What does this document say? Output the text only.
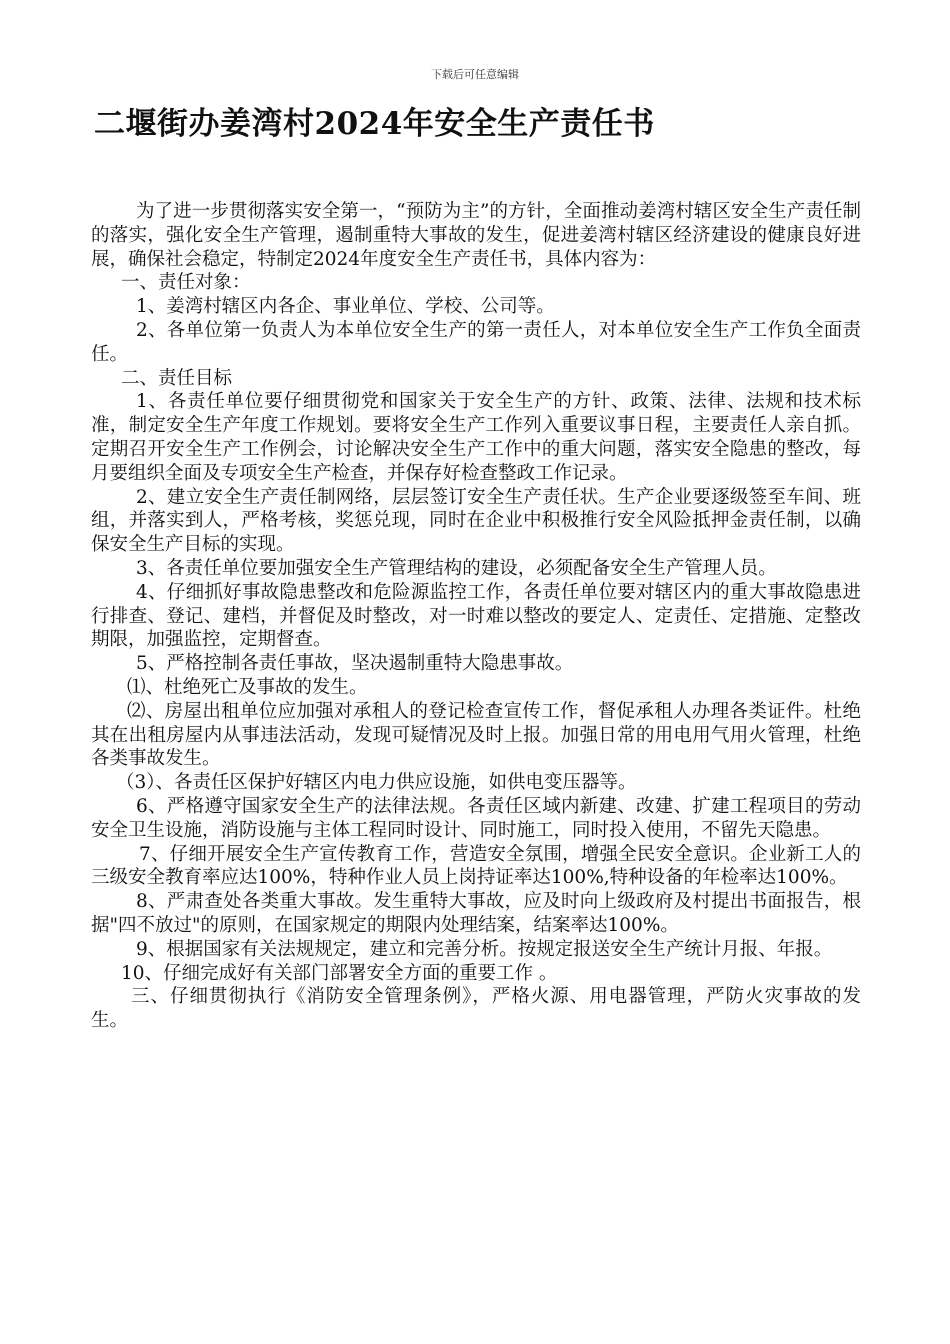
下载后可任意编辑
二堰街办姜湾村2024年安全生产责任书

为了进一步贯彻落实安全第一，“预防为主”的方针，全面推动姜湾村辖区安全生产责任制的落实，强化安全生产管理，遏制重特大事故的发生，促进姜湾村辖区经济建设的健康良好进展，确保社会稳定，特制定2024年度安全生产责任书，具体内容为：

一、责任对象：

1、姜湾村辖区内各企、事业单位、学校、公司等。

2、各单位第一负责人为本单位安全生产的第一责任人，对本单位安全生产工作负全面责任。

二、责任目标

1、各责任单位要仔细贯彻党和国家关于安全生产的方针、政策、法律、法规和技术标准，制定安全生产年度工作规划。要将安全生产工作列入重要议事日程，主要责任人亲自抓。定期召开安全生产工作例会，讨论解决安全生产工作中的重大问题，落实安全隐患的整改，每月要组织全面及专项安全生产检查，并保存好检查整政工作记录。

2、建立安全生产责任制网络，层层签订安全生产责任状。生产企业要逐级签至车间、班组，并落实到人，严格考核，奖惩兑现，同时在企业中积极推行安全风险抵押金责任制，以确保安全生产目标的实现。

3、各责任单位要加强安全生产管理结构的建设，必须配备安全生产管理人员。

4、仔细抓好事故隐患整改和危险源监控工作，各责任单位要对辖区内的重大事故隐患进行排查、登记、建档，并督促及时整改，对一时难以整改的要定人、定责任、定措施、定整改期限，加强监控，定期督查。

5、严格控制各责任事故，坚决遏制重特大隐患事故。

⑴、杜绝死亡及事故的发生。

⑵、房屋出租单位应加强对承租人的登记检查宣传工作，督促承租人办理各类证件。杜绝其在出租房屋内从事违法活动，发现可疑情况及时上报。加强日常的用电用气用火管理，杜绝各类事故发生。

（3）、各责任区保护好辖区内电力供应设施，如供电变压器等。

6、严格遵守国家安全生产的法律法规。各责任区域内新建、改建、扩建工程项目的劳动安全卫生设施，消防设施与主体工程同时设计、同时施工，同时投入使用，不留先天隐患。

7、仔细开展安全生产宣传教育工作，营造安全氛围，增强全民安全意识。企业新工人的三级安全教育率应达100%，特种作业人员上岗持证率达100%,特种设备的年检率达100%。

8、严肃查处各类重大事故。发生重特大事故，应及时向上级政府及村提出书面报告，根据"四不放过"的原则，在国家规定的期限内处理结案，结案率达100%。

9、根据国家有关法规规定，建立和完善分析。按规定报送安全生产统计月报、年报。

10、仔细完成好有关部门部署安全方面的重要工作 。

三、仔细贯彻执行《消防安全管理条例》，严格火源、用电器管理，严防火灾事故的发生。
